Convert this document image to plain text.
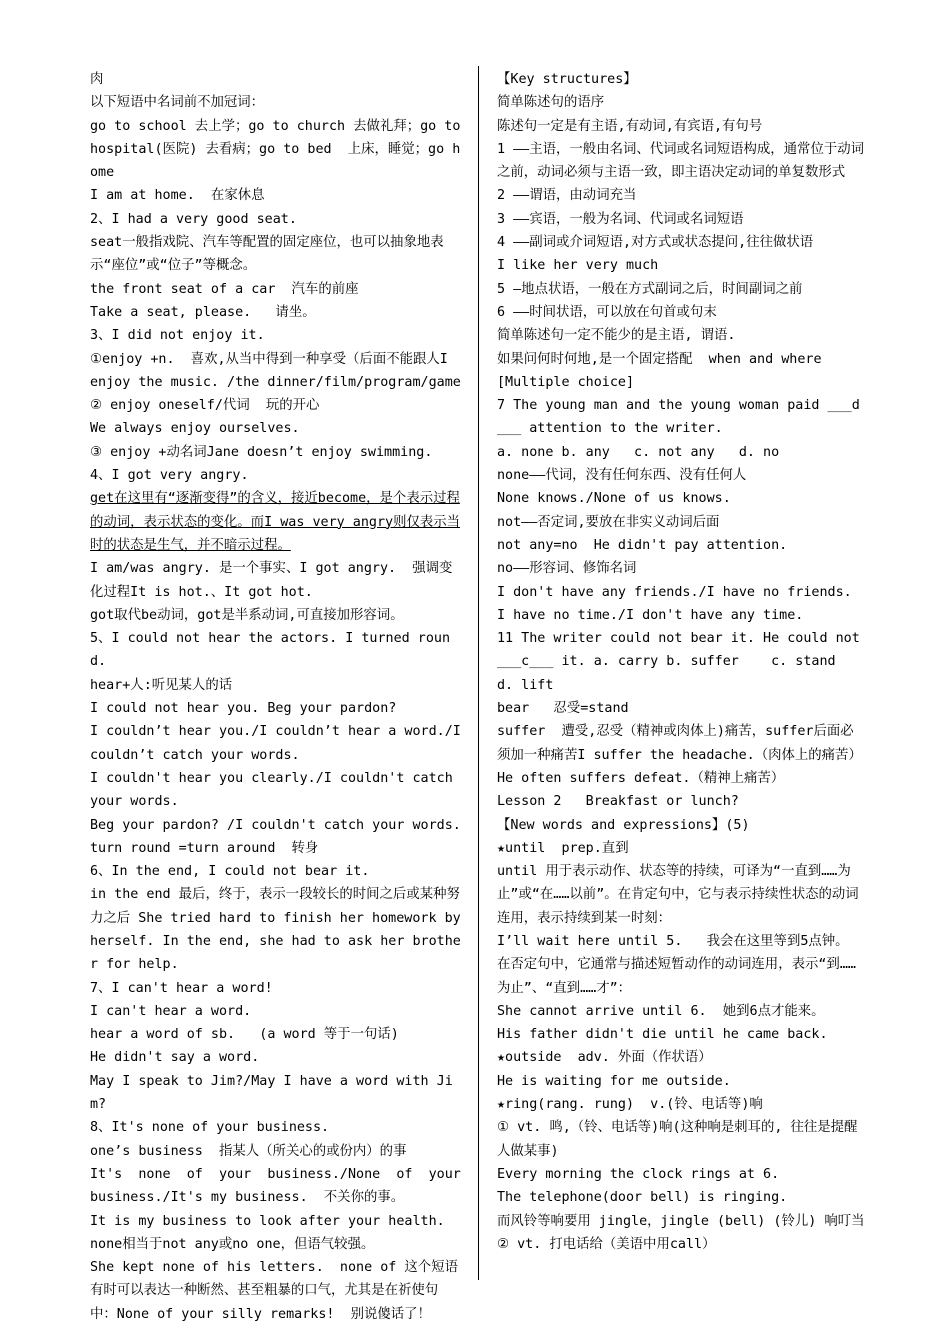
肉
以下短语中名词前不加冠词：
go to school 去上学；go to church 去做礼拜；go to hospital(医院) 去看病；go to bed  上床，睡觉；go home
I am at home.  在家休息
2、I had a very good seat.
seat一般指戏院、汽车等配置的固定座位，也可以抽象地表示“座位”或“位子”等概念。
the front seat of a car  汽车的前座
Take a seat, please.   请坐。
3、I did not enjoy it.
①enjoy +n.  喜欢,从当中得到一种享受（后面不能跟人I enjoy the music. /the dinner/film/program/game
② enjoy oneself/代词  玩的开心
We always enjoy ourselves.
③ enjoy +动名词Jane doesn’t enjoy swimming.
4、I got very angry.
get在这里有“逐渐变得”的含义，接近become，是个表示过程的动词，表示状态的变化。而I was very angry则仅表示当时的状态是生气，并不暗示过程。
I am/was angry. 是一个事实、I got angry.  强调变化过程It is hot.、It got hot.
got取代be动词，got是半系动词,可直接加形容词。
5、I could not hear the actors. I turned round.
hear+人:听见某人的话
I could not hear you. Beg your pardon?
I couldn’t hear you./I couldn’t hear a word./I couldn’t catch your words.
I couldn't hear you clearly./I couldn't catch your words.
Beg your pardon? /I couldn't catch your words.
turn round =turn around  转身
6、In the end, I could not bear it.
in the end 最后，终于，表示一段较长的时间之后或某种努力之后 She tried hard to finish her homework by herself. In the end, she had to ask her brother for help.
7、I can't hear a word!
I can't hear a word.
hear a word of sb.   (a word 等于一句话)
He didn't say a word.
May I speak to Jim?/May I have a word with Jim?
8、It's none of your business.
one’s business  指某人（所关心的或份内）的事
It's  none  of  your  business./None  of  your business./It's my business.  不关你的事。
It is my business to look after your health.
none相当于not any或no one，但语气较强。
She kept none of his letters.  none of 这个短语有时可以表达一种断然、甚至粗暴的口气，尤其是在祈使句中：None of your silly remarks!  别说傻话了！
【Key structures】
简单陈述句的语序
陈述句一定是有主语,有动词,有宾语,有句号
1 ——主语，一般由名词、代词或名词短语构成，通常位于动词之前，动词必须与主语一致，即主语决定动词的单复数形式
2 ——谓语，由动词充当
3 ——宾语，一般为名词、代词或名词短语
4 ——副词或介词短语,对方式或状态提问,往往做状语
I like her very much
5 —地点状语，一般在方式副词之后，时间副词之前
6 ——时间状语，可以放在句首或句末
简单陈述句一定不能少的是主语, 谓语.
如果问何时何地,是一个固定搭配  when and where
[Multiple choice]
7 The young man and the young woman paid ___d___ attention to the writer.
a. none b. any   c. not any   d. no
none——代词，没有任何东西、没有任何人
None knows./None of us knows.
not——否定词,要放在非实义动词后面
not any=no  He didn't pay attention.
no——形容词、修饰名词
I don't have any friends./I have no friends.
I have no time./I don't have any time.
11 The writer could not bear it. He could not ___c___ it. a. carry b. suffer    c. stand     d. lift
bear   忍受=stand
suffer  遭受,忍受（精神或肉体上)痛苦，suffer后面必须加一种痛苦I suffer the headache.（肉体上的痛苦）He often suffers defeat.（精神上痛苦）
Lesson 2   Breakfast or lunch?
【New words and expressions】(5)
★until  prep.直到
until 用于表示动作、状态等的持续，可译为“一直到……为止”或“在……以前”。在肯定句中，它与表示持续性状态的动词连用，表示持续到某一时刻：
I’ll wait here until 5.   我会在这里等到5点钟。
在否定句中，它通常与描述短暂动作的动词连用，表示“到……为止”、“直到……才”：
She cannot arrive until 6.  她到6点才能来。
His father didn't die until he came back.
★outside  adv. 外面（作状语）
He is waiting for me outside.
★ring(rang. rung)  v.(铃、电话等)响
① vt. 鸣,（铃、电话等)响(这种响是刺耳的, 往往是提醒人做某事)
Every morning the clock rings at 6.
The telephone(door bell) is ringing.
而风铃等响要用 jingle，jingle (bell) (铃儿) 响叮当
② vt. 打电话给（美语中用call）
